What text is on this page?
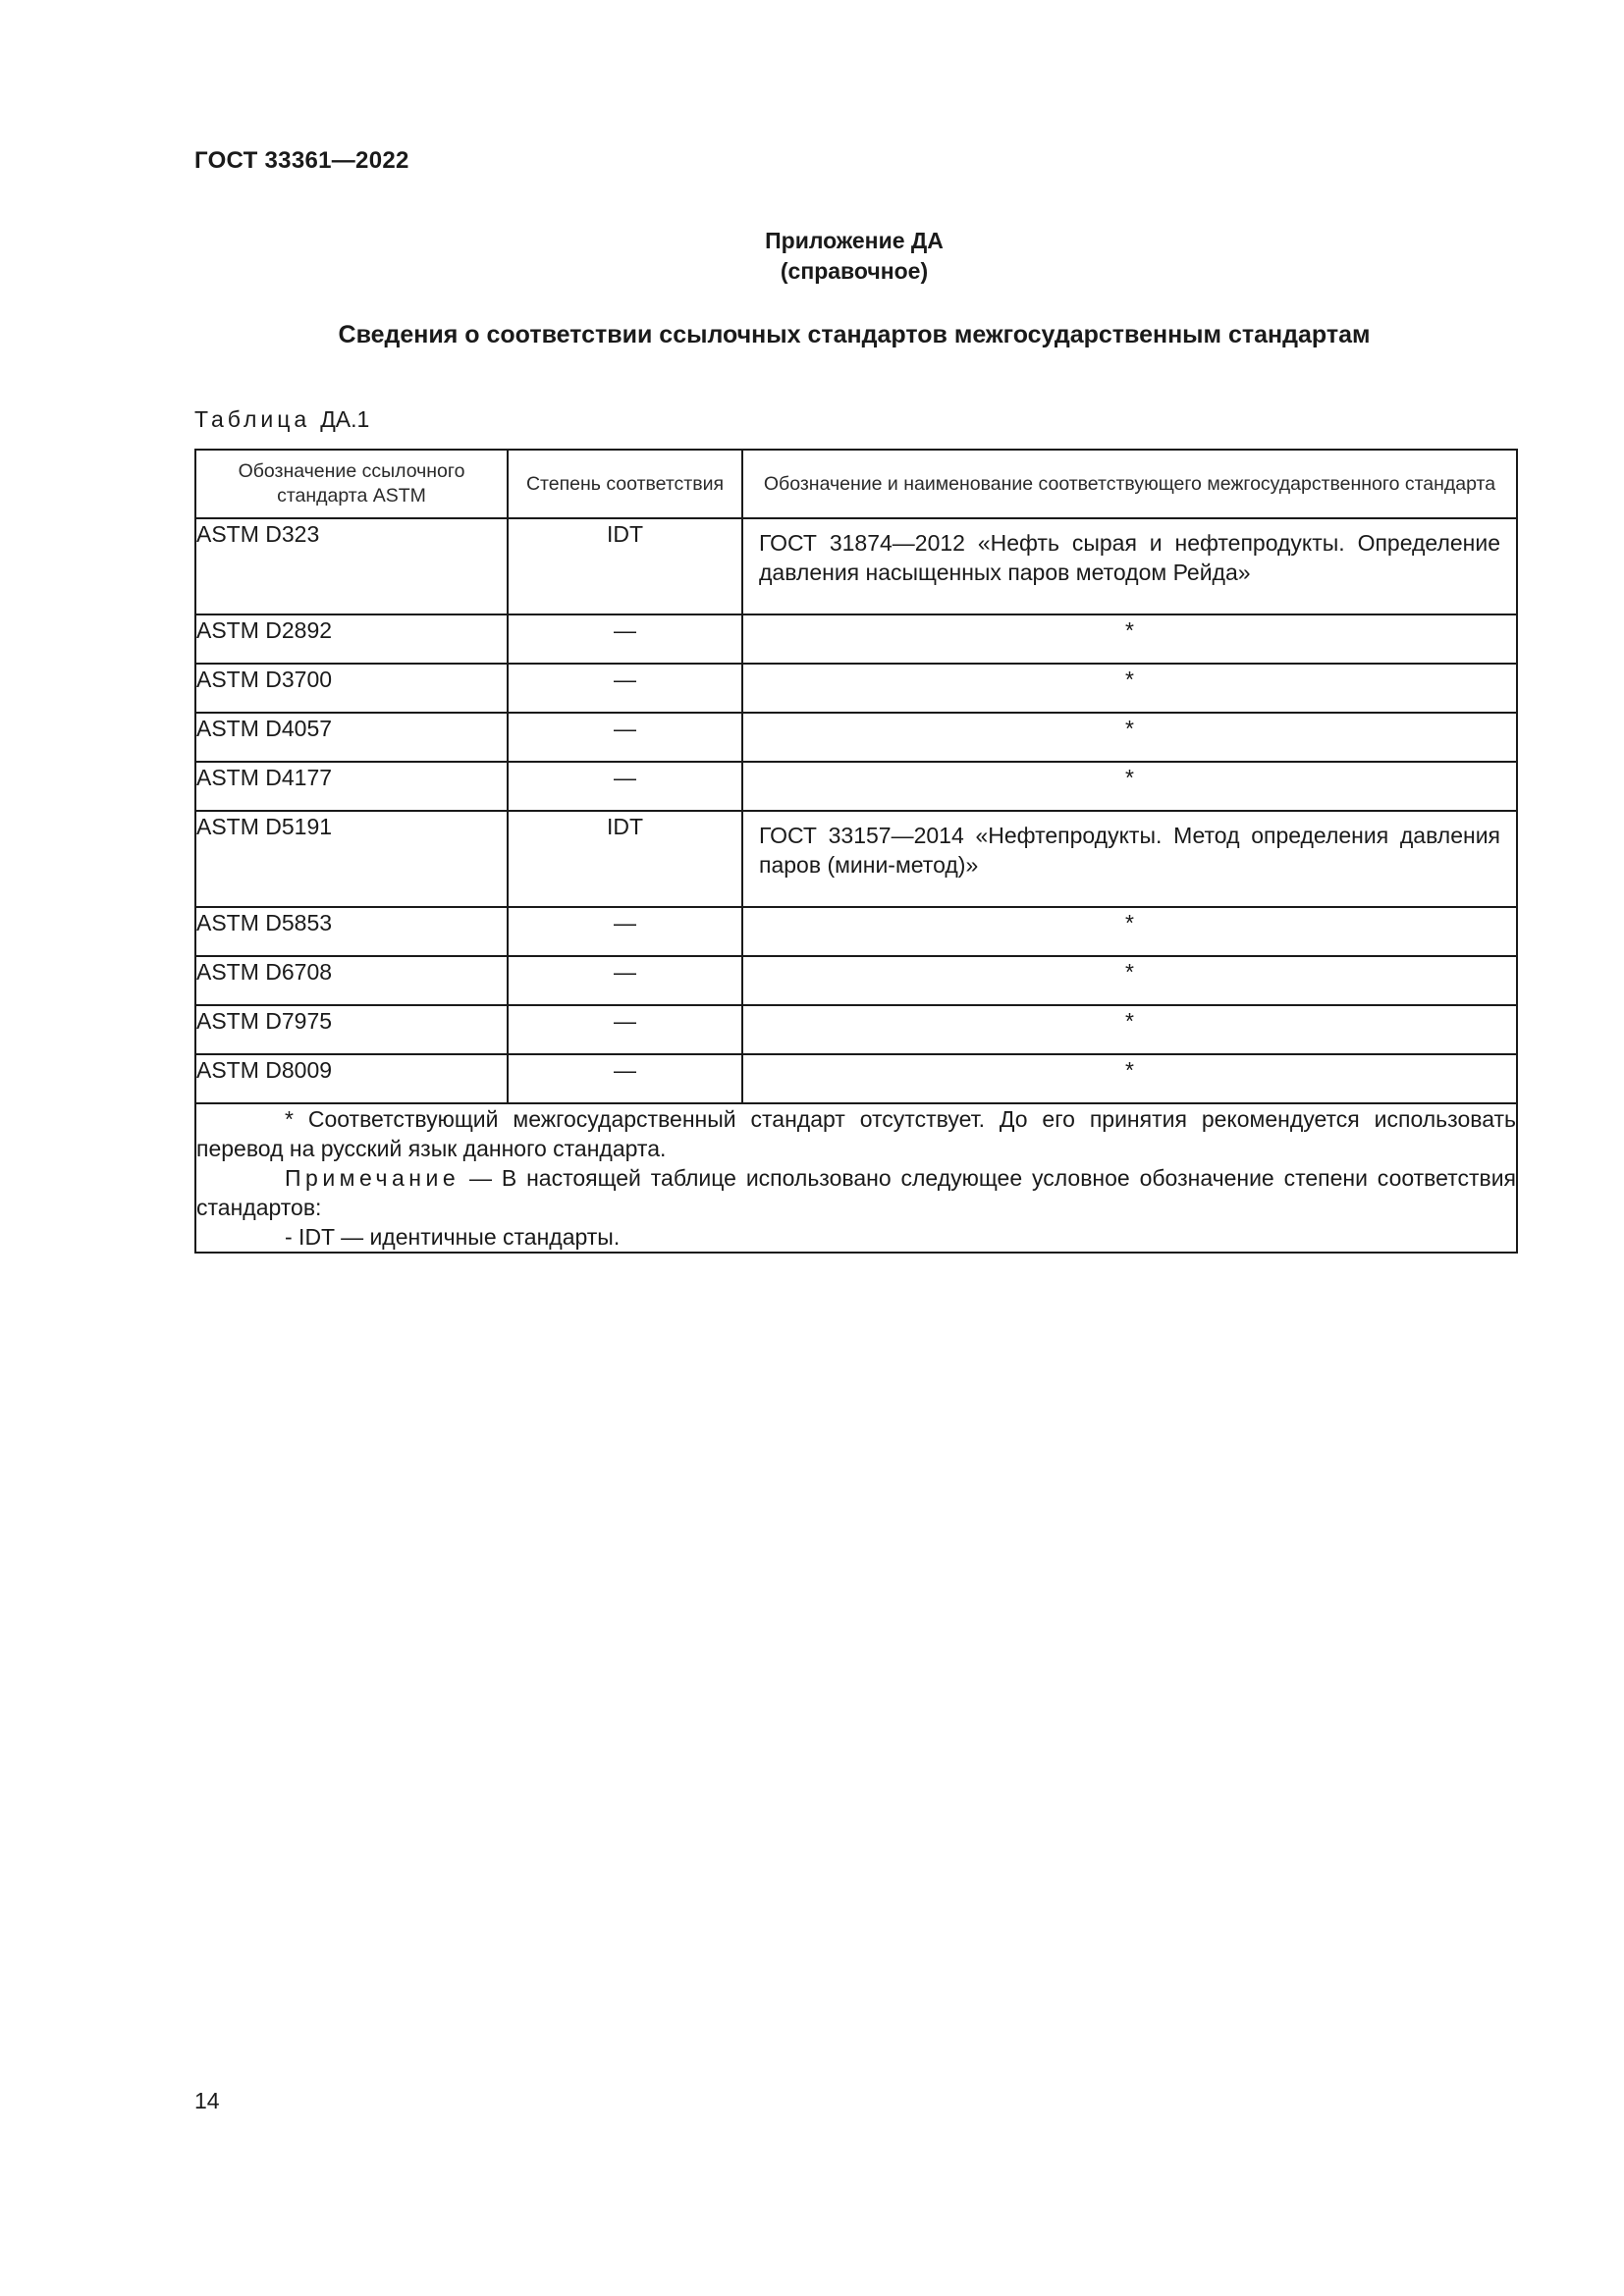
ГОСТ 33361—2022
Приложение ДА
(справочное)
Сведения о соответствии ссылочных стандартов межгосударственным стандартам
Таблица ДА.1
Обозначение ссылочного стандарта ASTM	Степень соответствия	Обозначение и наименование соответствующего межгосударственного стандарта
ASTM D323	IDT	ГОСТ 31874—2012 «Нефть сырая и нефтепродукты. Определение давления насыщенных паров методом Рейда»
ASTM D2892	—	*
ASTM D3700	—	*
ASTM D4057	—	*
ASTM D4177	—	*
ASTM D5191	IDT	ГОСТ 33157—2014 «Нефтепродукты. Метод определения давления паров (мини-метод)»
ASTM D5853	—	*
ASTM D6708	—	*
ASTM D7975	—	*
ASTM D8009	—	*

* Соответствующий межгосударственный стандарт отсутствует. До его принятия рекомендуется использовать перевод на русский язык данного стандарта.

Примечание — В настоящей таблице использовано следующее условное обозначение степени соответствия стандартов:

- IDT — идентичные стандарты.		

14
